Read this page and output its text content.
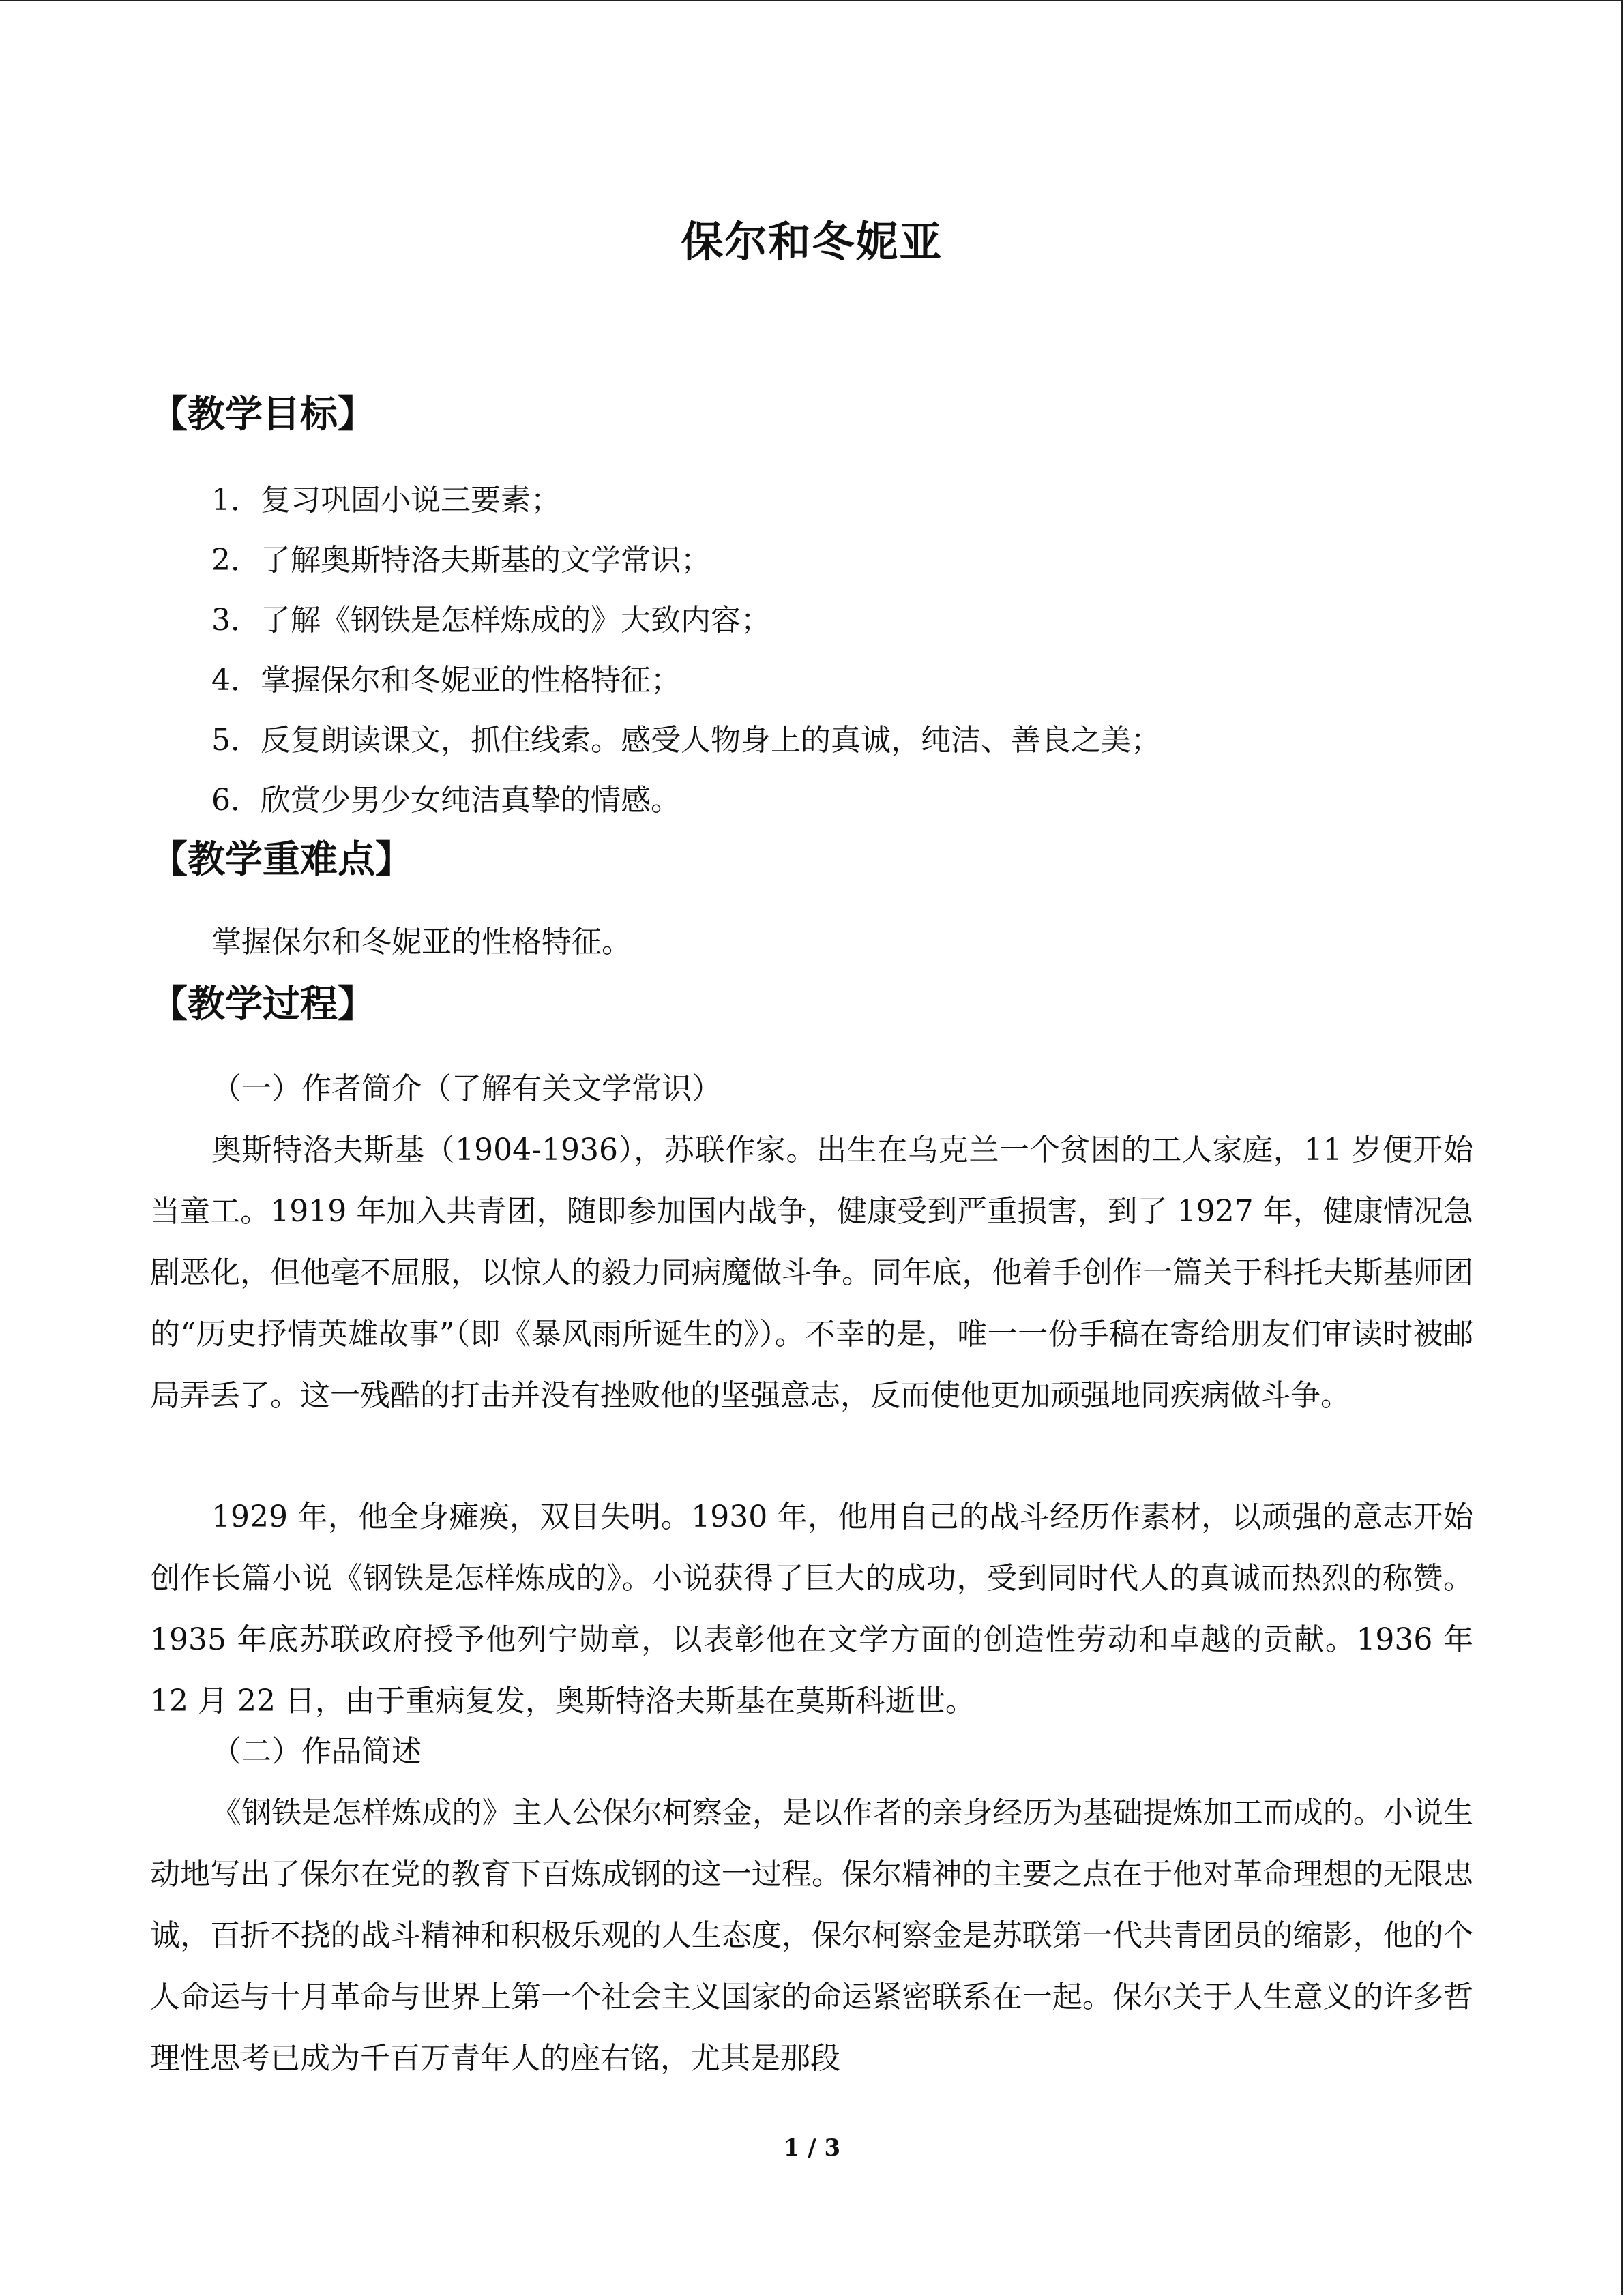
保尔和冬妮亚
【教学目标】
1．复习巩固小说三要素；
2．了解奥斯特洛夫斯基的文学常识；
3．了解《钢铁是怎样炼成的》大致内容；
4．掌握保尔和冬妮亚的性格特征；
5．反复朗读课文，抓住线索。感受人物身上的真诚，纯洁、善良之美；
6．欣赏少男少女纯洁真挚的情感。
【教学重难点】
掌握保尔和冬妮亚的性格特征。
【教学过程】
（一）作者简介（了解有关文学常识）
奥斯特洛夫斯基（1904-1936），苏联作家。出生在乌克兰一个贫困的工人家庭，11 岁便开始当童工。1919 年加入共青团，随即参加国内战争，健康受到严重损害，到了 1927 年，健康情况急剧恶化，但他毫不屈服，以惊人的毅力同病魔做斗争。同年底，他着手创作一篇关于科托夫斯基师团的“历史抒情英雄故事”（即《暴风雨所诞生的》）。不幸的是，唯一一份手稿在寄给朋友们审读时被邮局弄丢了。这一残酷的打击并没有挫败他的坚强意志，反而使他更加顽强地同疾病做斗争。
1929 年，他全身瘫痪，双目失明。1930 年，他用自己的战斗经历作素材，以顽强的意志开始创作长篇小说《钢铁是怎样炼成的》。小说获得了巨大的成功，受到同时代人的真诚而热烈的称赞。1935 年底苏联政府授予他列宁勋章，以表彰他在文学方面的创造性劳动和卓越的贡献。1936 年 12 月 22 日，由于重病复发，奥斯特洛夫斯基在莫斯科逝世。
（二）作品简述
《钢铁是怎样炼成的》主人公保尔柯察金，是以作者的亲身经历为基础提炼加工而成的。小说生动地写出了保尔在党的教育下百炼成钢的这一过程。保尔精神的主要之点在于他对革命理想的无限忠诚，百折不挠的战斗精神和积极乐观的人生态度，保尔柯察金是苏联第一代共青团员的缩影，他的个人命运与十月革命与世界上第一个社会主义国家的命运紧密联系在一起。保尔关于人生意义的许多哲理性思考已成为千百万青年人的座右铭，尤其是那段
1 / 3
